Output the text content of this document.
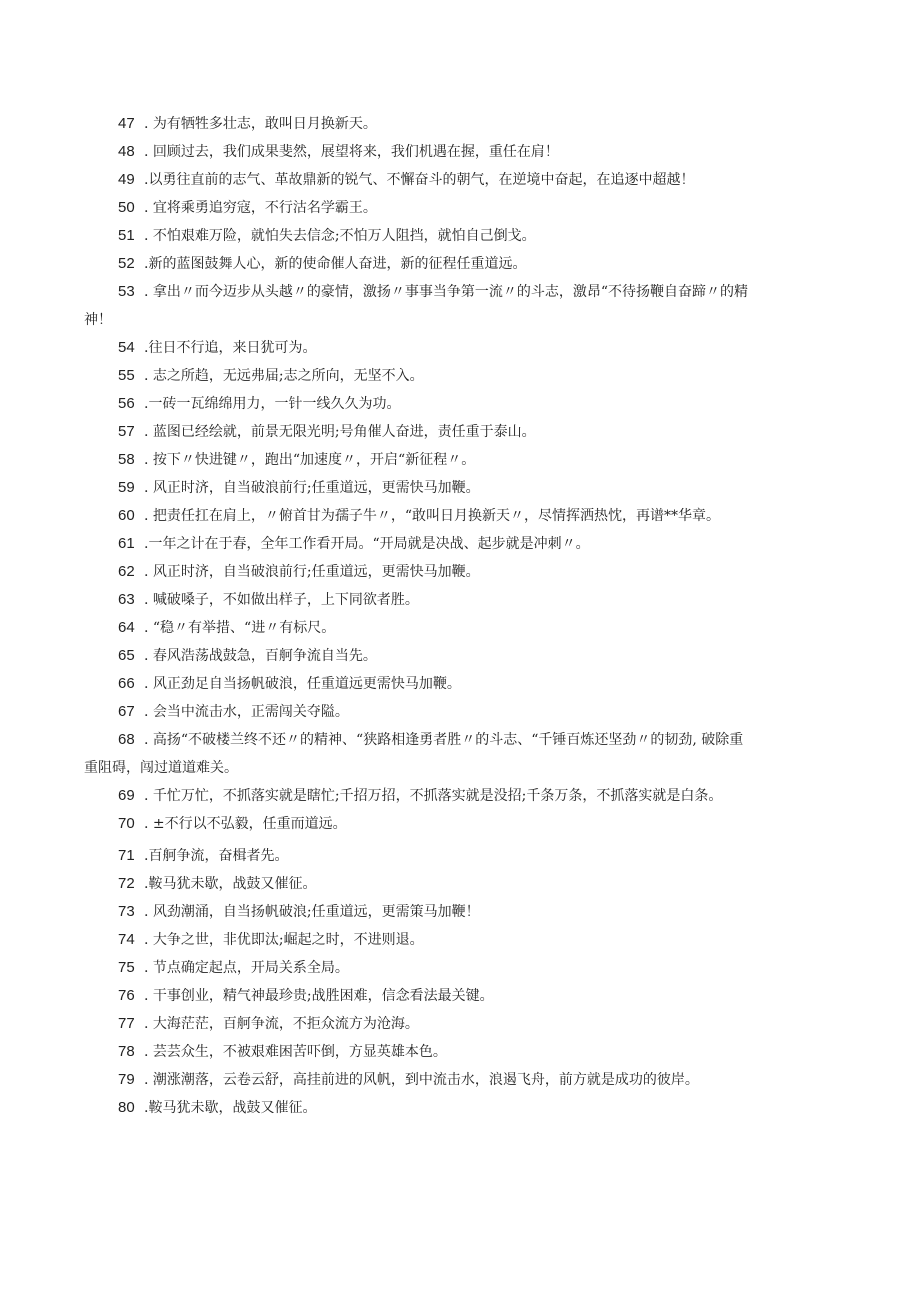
47 . 为有牺牲多壮志，敢叫日月换新天。

48 . 回顾过去，我们成果斐然，展望将来，我们机遇在握，重任在肩！

49 .以勇往直前的志气、革故鼎新的锐气、不懈奋斗的朝气，在逆境中奋起，在追逐中超越！

50 . 宜将乘勇追穷寇，不行沽名学霸王。

51 . 不怕艰难万险，就怕失去信念;不怕万人阻挡，就怕自己倒戈。

52 .新的蓝图鼓舞人心，新的使命催人奋进，新的征程任重道远。

53 . 拿出〃而今迈步从头越〃的豪情，激扬〃事事当争第一流〃的斗志，激昂“不待扬鞭自奋蹄〃的精
神！

54 .往日不行追，来日犹可为。

55 . 志之所趋，无远弗届;志之所向，无坚不入。

56 .一砖一瓦绵绵用力，一针一线久久为功。

57 . 蓝图已经绘就，前景无限光明;号角催人奋进，责任重于泰山。

58 . 按下〃快进键〃，跑出“加速度〃，开启“新征程〃。

59 . 风正时济，自当破浪前行;任重道远，更需快马加鞭。

60 . 把责任扛在肩上，〃俯首甘为孺子牛〃，“敢叫日月换新天〃，尽情挥洒热忱，再谱**华章。

61 .一年之计在于春，全年工作看开局。“开局就是决战、起步就是冲刺〃。

62 . 风正时济，自当破浪前行;任重道远，更需快马加鞭。

63 . 喊破嗓子，不如做出样子，上下同欲者胜。

64 . “稳〃有举措、“进〃有标尺。

65 . 春风浩荡战鼓急，百舸争流自当先。

66 . 风正劲足自当扬帆破浪，任重道远更需快马加鞭。

67 . 会当中流击水，正需闯关夺隘。

68 . 高扬“不破楼兰终不还〃的精神、“狭路相逢勇者胜〃的斗志、“千锤百炼还坚劲〃的韧劲, 破除重
重阻碍，闯过道道难关。

69 . 千忙万忙，不抓落实就是瞎忙;千招万招，不抓落实就是没招;千条万条，不抓落实就是白条。

70 . ±不行以不弘毅，任重而道远。

71 .百舸争流，奋楫者先。

72 .鞍马犹未歇，战鼓又催征。

73 . 风劲潮涌，自当扬帆破浪;任重道远，更需策马加鞭！

74 . 大争之世，非优即汰;崛起之时，不进则退。

75 . 节点确定起点，开局关系全局。

76 . 干事创业，精气神最珍贵;战胜困难，信念看法最关键。

77 . 大海茫茫，百舸争流，不拒众流方为沧海。

78 . 芸芸众生，不被艰难困苦吓倒，方显英雄本色。

79 . 潮涨潮落，云卷云舒，高挂前进的风帆，到中流击水，浪遏飞舟，前方就是成功的彼岸。

80 .鞍马犹未歇，战鼓又催征。
